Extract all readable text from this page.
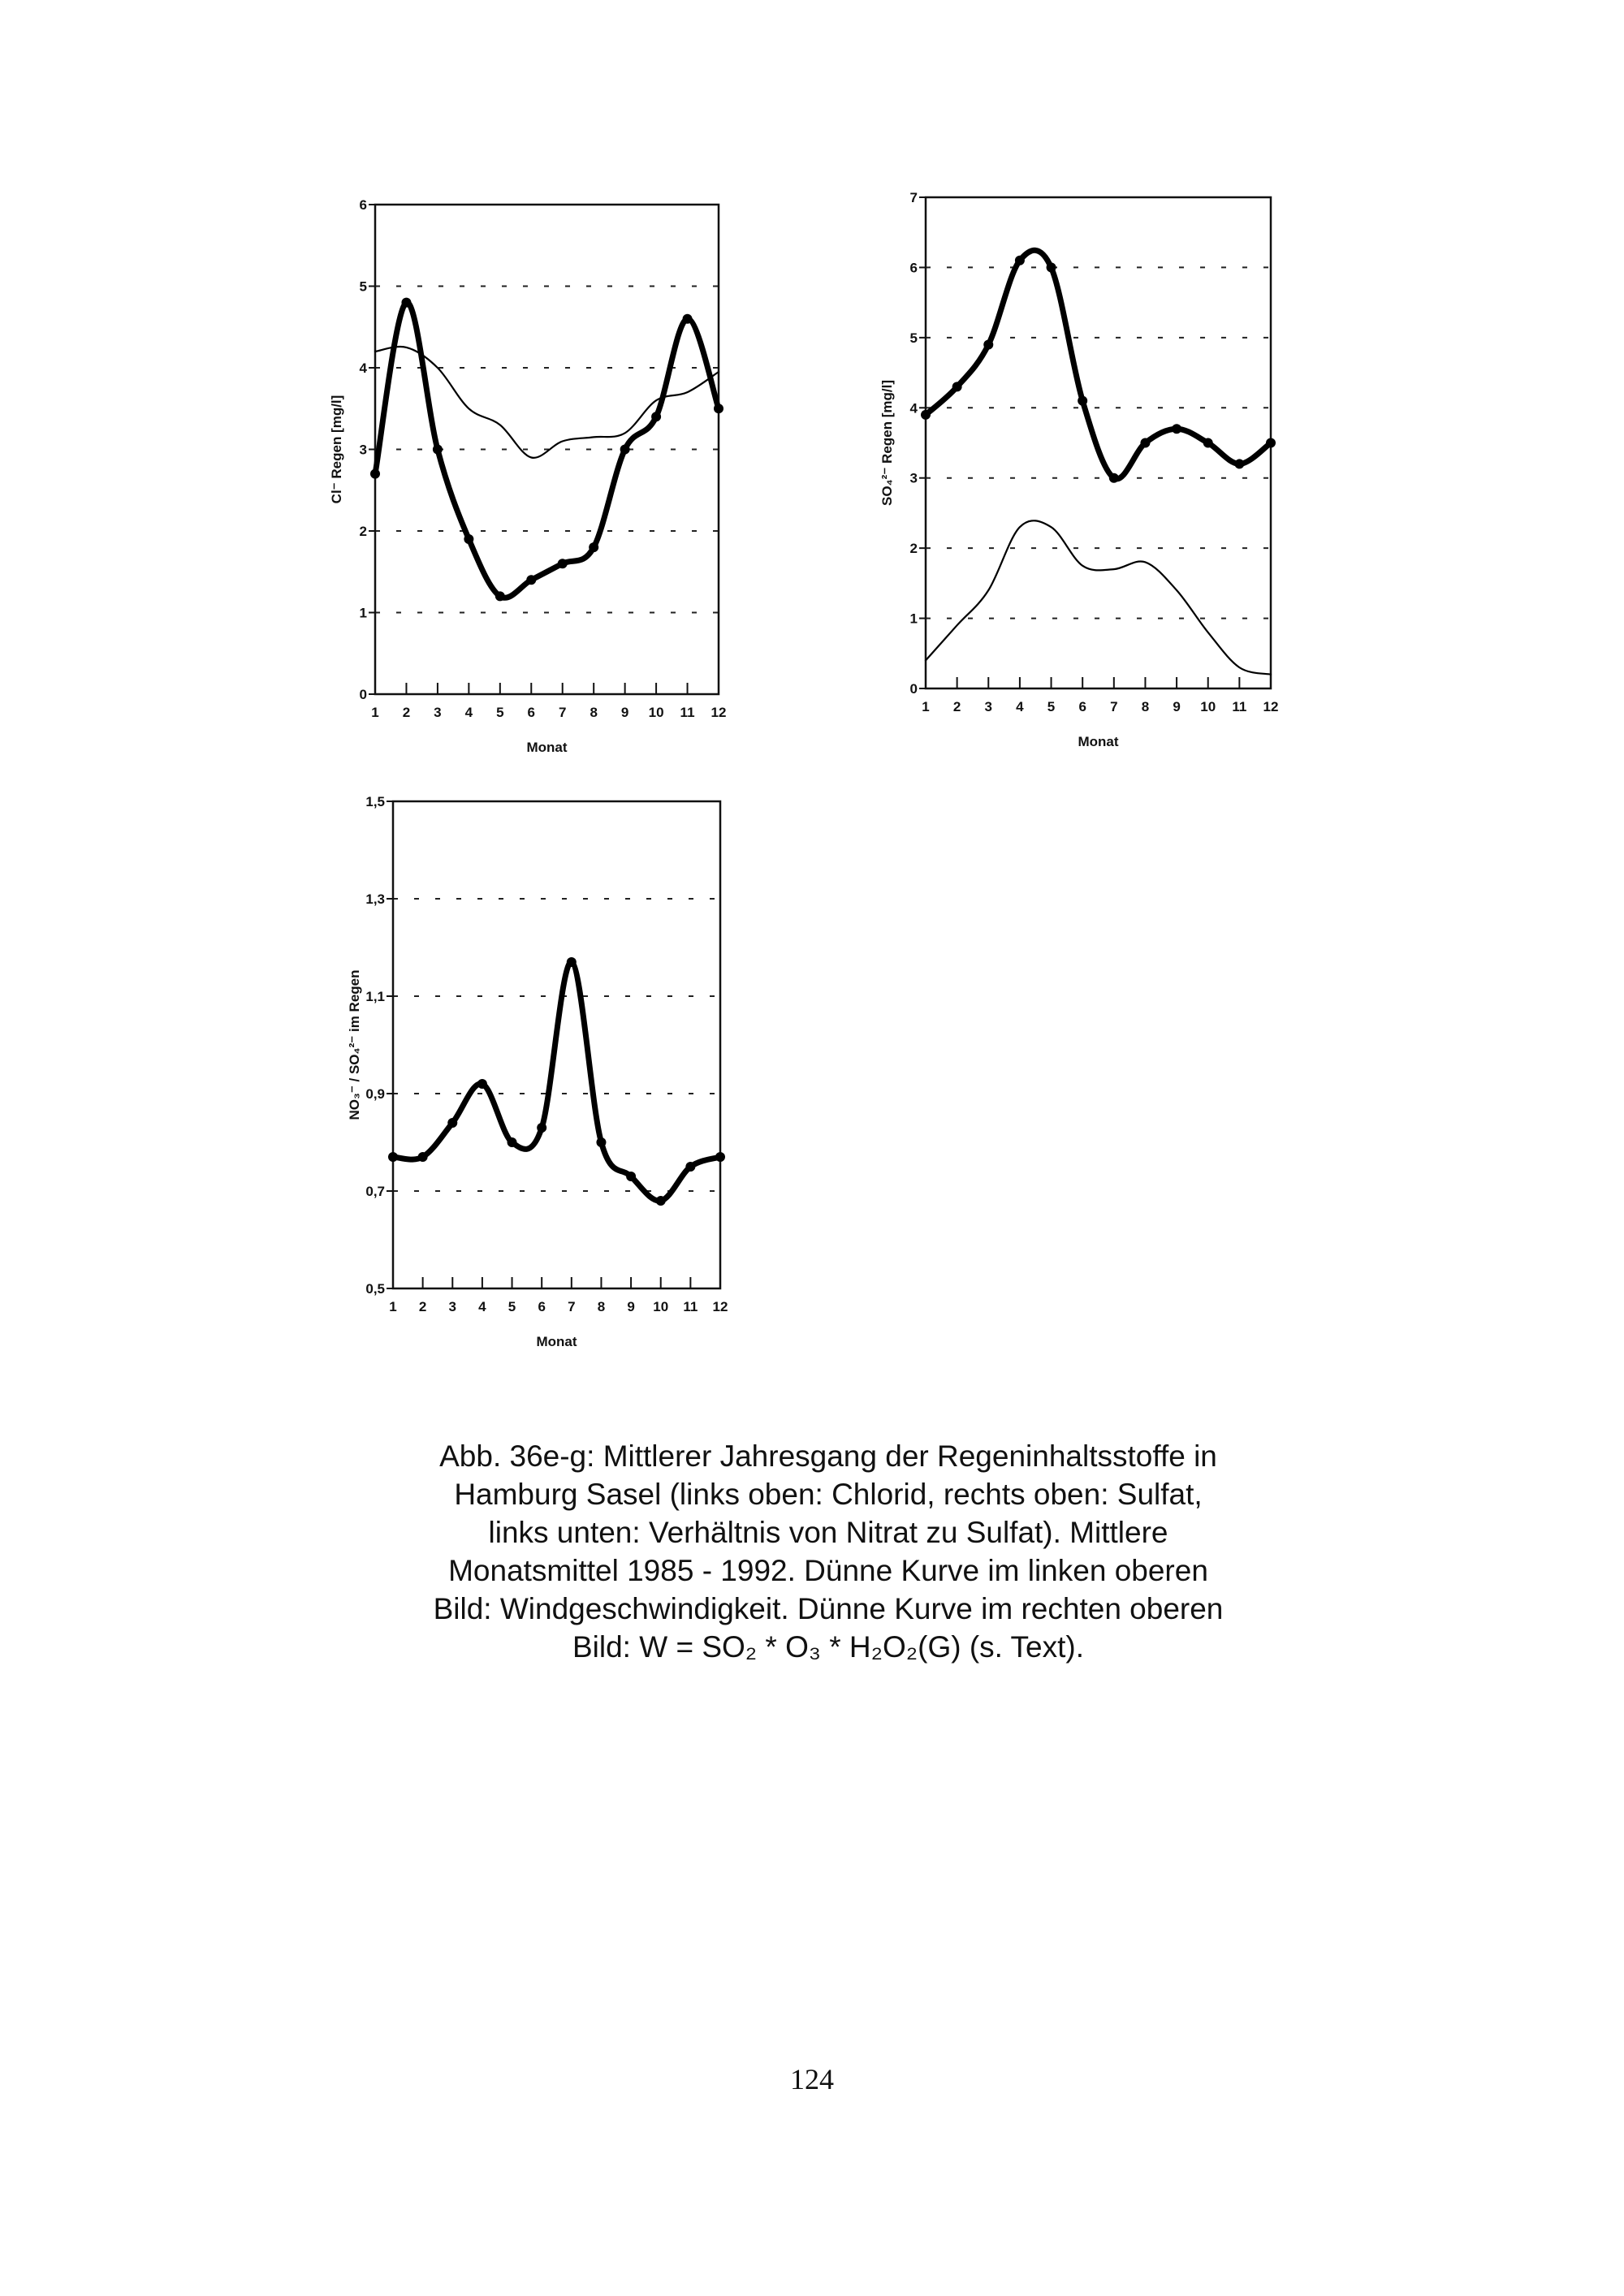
0
1
2
3
4
5
6
1 2 3 4 5 6 7 8 9 10 11 12
Monat
Cl⁻ Regen [mg/l]
0
1
2
3
4
5
6
7
1 2 3 4 5 6 7 8 9 10 11 12
Monat
SO₄²⁻ Regen [mg/l]
0,5
0,7
0,9
1,1
1,3
1,5
1 2 3 4 5 6 7 8 9 10 11 12
Monat
NO₃⁻ / SO₄²⁻ im Regen
Abb. 36e-g: Mittlerer Jahresgang der Regeninhaltsstoffe in
Hamburg Sasel (links oben: Chlorid, rechts oben: Sulfat,
links unten: Verhältnis von Nitrat zu Sulfat). Mittlere
Monatsmittel 1985 - 1992. Dünne Kurve im linken oberen
Bild: Windgeschwindigkeit. Dünne Kurve im rechten oberen
Bild: W = SO₂ * O₃ * H₂O₂(G) (s. Text).
124
